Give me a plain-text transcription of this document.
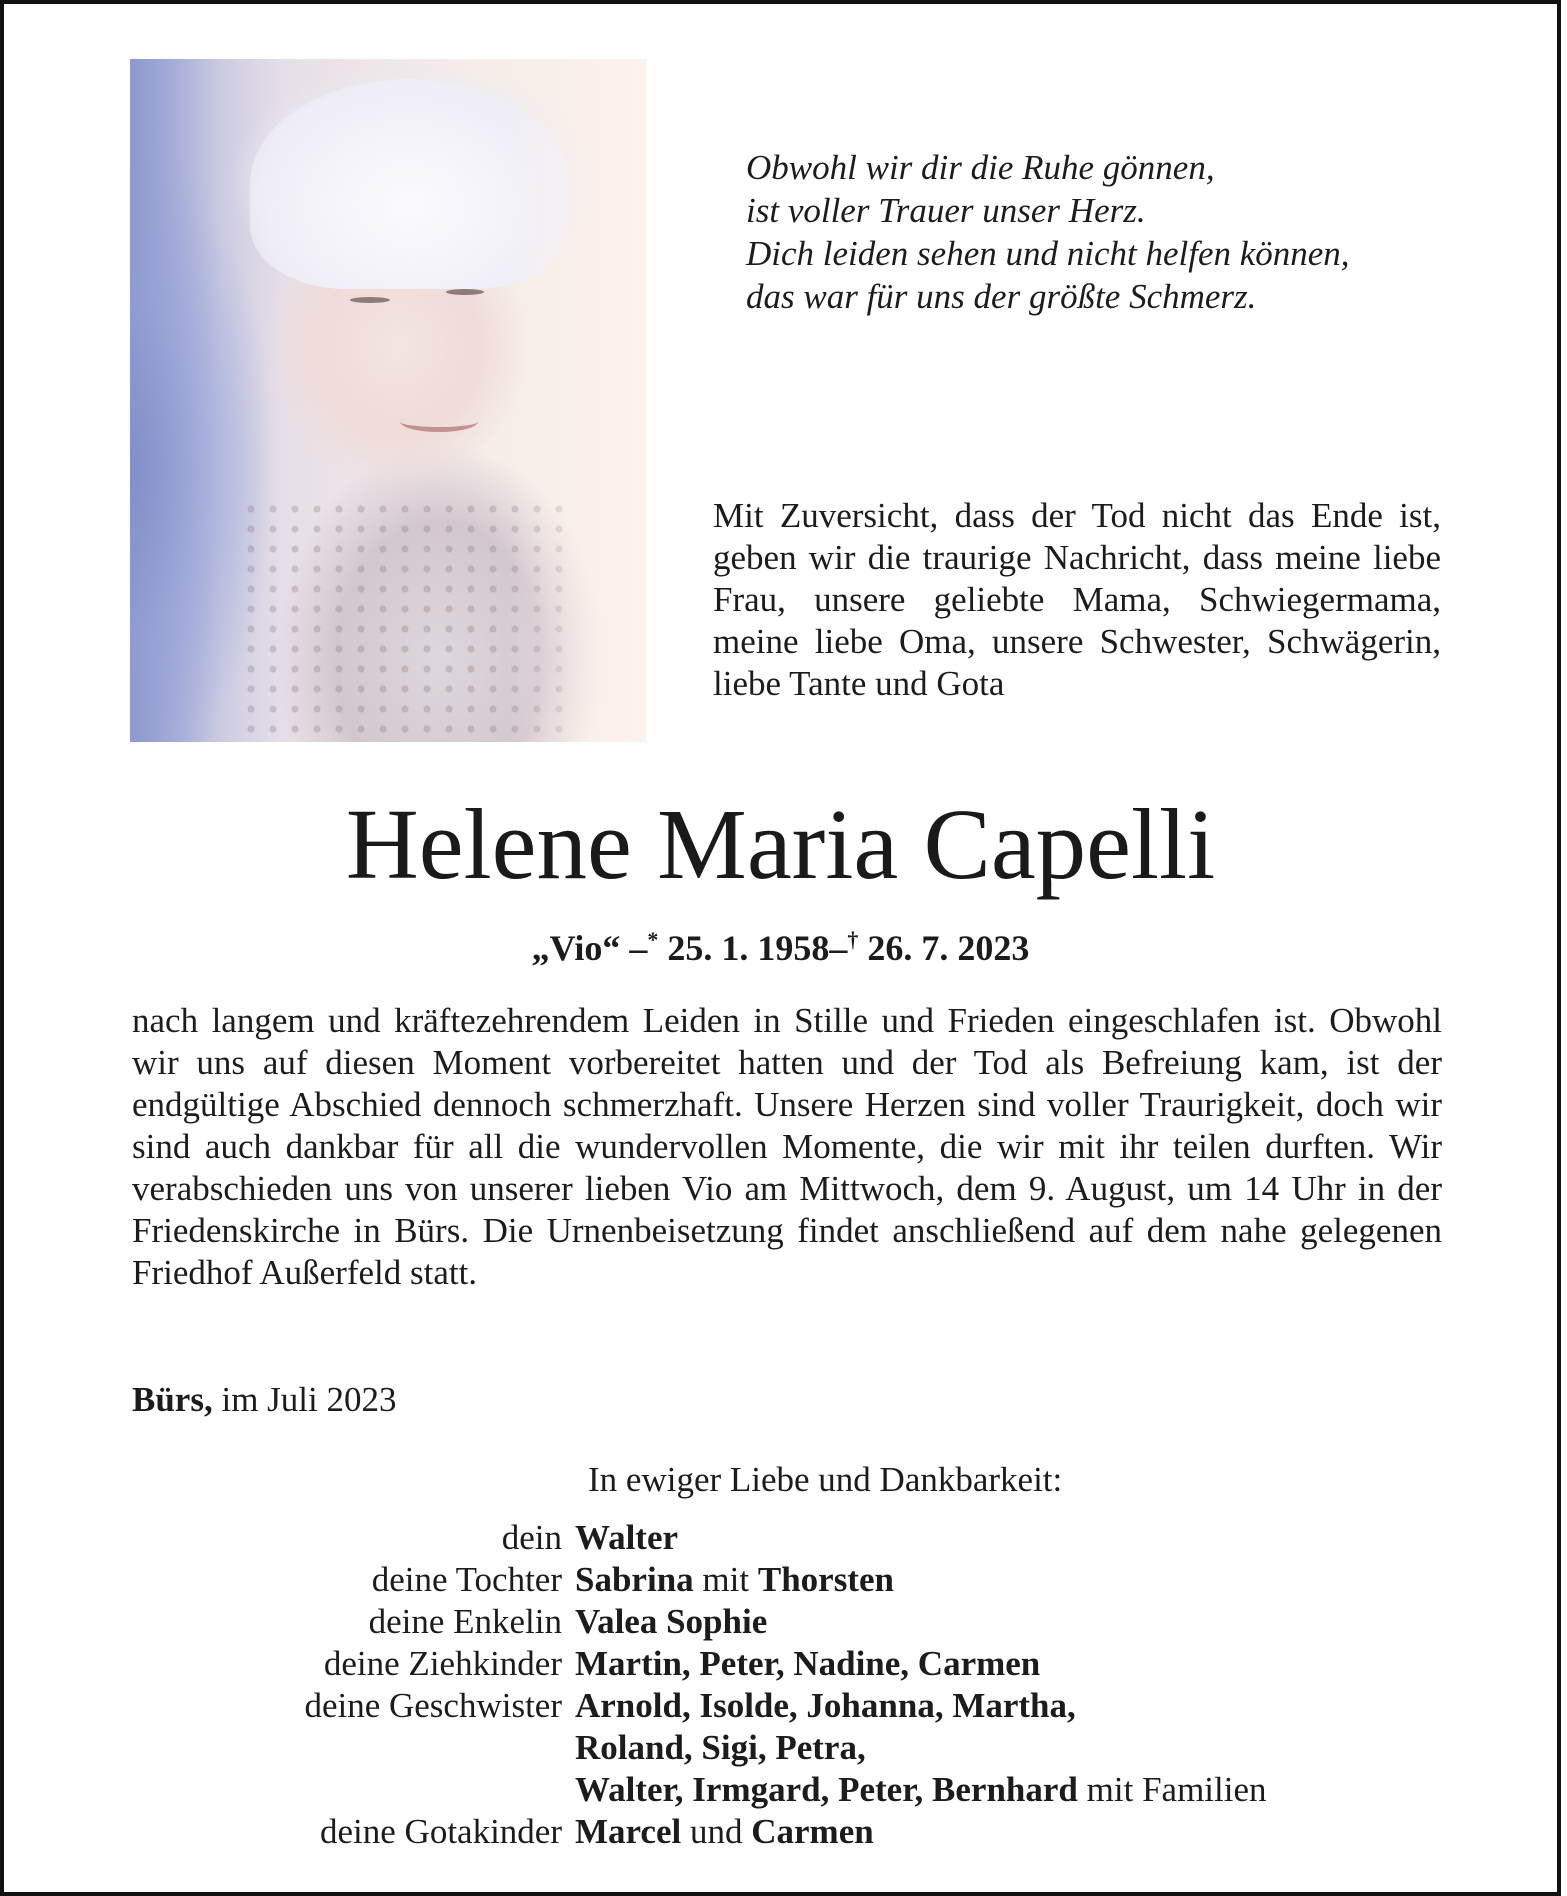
Obwohl wir dir die Ruhe gönnen,
ist voller Trauer unser Herz.
Dich leiden sehen und nicht helfen können,
das war für uns der größte Schmerz.
Mit Zuversicht, dass der Tod nicht das Ende ist, geben wir die traurige Nachricht, dass meine liebe Frau, unsere geliebte Mama, Schwiegermama, meine liebe Oma, unsere Schwester, Schwägerin, liebe Tante und Gota
Helene Maria Capelli
„Vio“ –* 25. 1. 1958–† 26. 7. 2023
nach langem und kräftezehrendem Leiden in Stille und Frieden eingeschlafen ist. Obwohl wir uns auf diesen Moment vorbereitet hatten und der Tod als Befreiung kam, ist der endgültige Abschied dennoch schmerzhaft. Unsere Herzen sind voller Traurigkeit, doch wir sind auch dankbar für all die wundervollen Momente, die wir mit ihr teilen durften. Wir verabschieden uns von unserer lieben Vio am Mittwoch, dem 9. August, um 14 Uhr in der Friedenskirche in Bürs. Die Urnenbeisetzung findet anschließend auf dem nahe gelegenen Friedhof Außerfeld statt.
Bürs, im Juli 2023
In ewiger Liebe und Dankbarkeit:
dein Walter
deine Tochter Sabrina mit Thorsten
deine Enkelin Valea Sophie
deine Ziehkinder Martin, Peter, Nadine, Carmen
deine Geschwister Arnold, Isolde, Johanna, Martha,
Roland, Sigi, Petra,
Walter, Irmgard, Peter, Bernhard mit Familien
deine Gotakinder Marcel und Carmen
